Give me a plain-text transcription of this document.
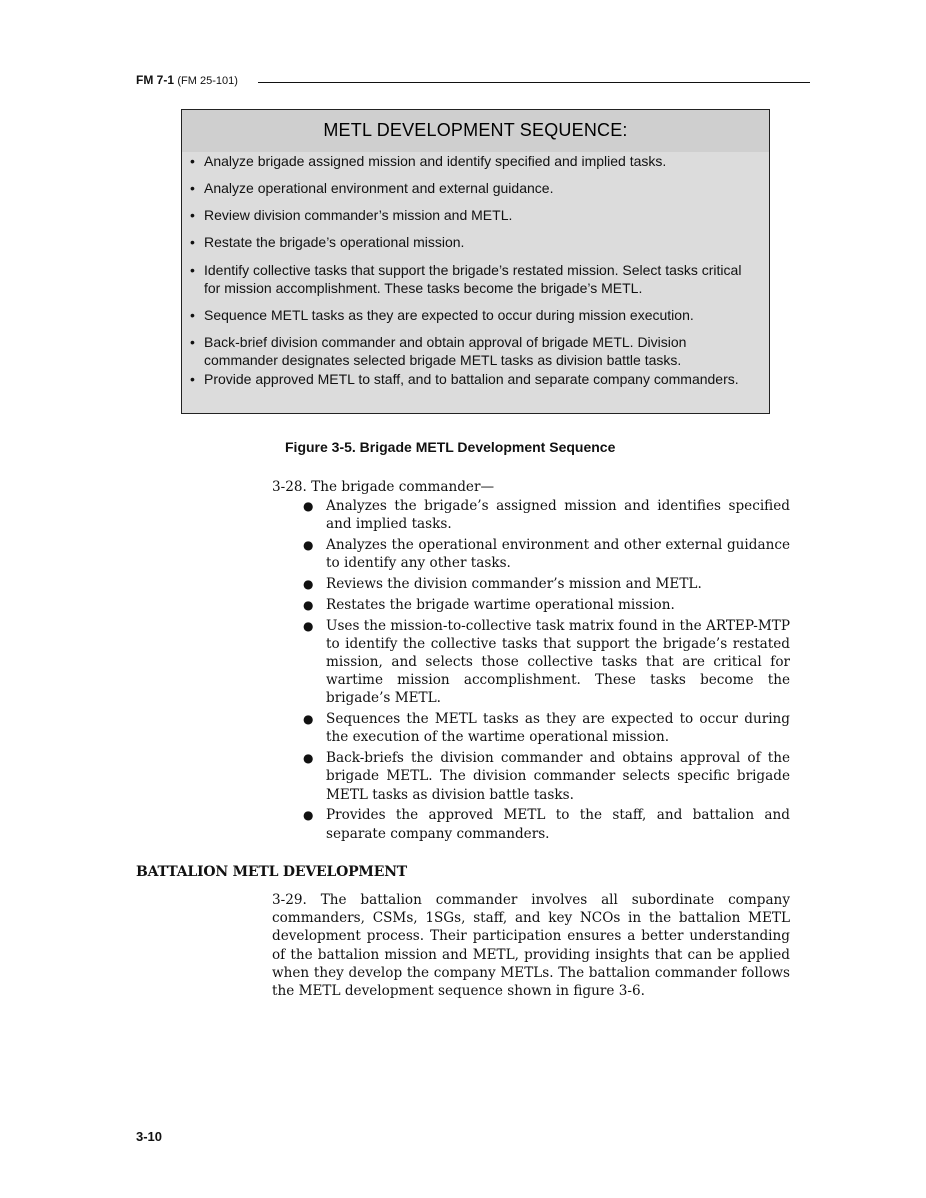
FM 7-1 (FM 25-101)
METL DEVELOPMENT SEQUENCE:
• Analyze brigade assigned mission and identify specified and implied tasks.
• Analyze operational environment and external guidance.
• Review division commander’s mission and METL.
• Restate the brigade’s operational mission.
• Identify collective tasks that support the brigade’s restated mission. Select tasks critical for mission accomplishment. These tasks become the brigade’s METL.
• Sequence METL tasks as they are expected to occur during mission execution.
• Back-brief division commander and obtain approval of brigade METL. Division commander designates selected brigade METL tasks as division battle tasks.
• Provide approved METL to staff, and to battalion and separate company commanders.
Figure 3-5. Brigade METL Development Sequence
3-28. The brigade commander—
● Analyzes the brigade’s assigned mission and identifies specified and implied tasks.
● Analyzes the operational environment and other external guidance to identify any other tasks.
● Reviews the division commander’s mission and METL.
● Restates the brigade wartime operational mission.
● Uses the mission-to-collective task matrix found in the ARTEP-MTP to identify the collective tasks that support the brigade’s restated mission, and selects those collective tasks that are critical for wartime mission accomplishment. These tasks become the brigade’s METL.
● Sequences the METL tasks as they are expected to occur during the execution of the wartime operational mission.
● Back-briefs the division commander and obtains approval of the brigade METL. The division commander selects specific brigade METL tasks as division battle tasks.
● Provides the approved METL to the staff, and battalion and separate company commanders.
BATTALION METL DEVELOPMENT
3-29. The battalion commander involves all subordinate company commanders, CSMs, 1SGs, staff, and key NCOs in the battalion METL development process. Their participation ensures a better understanding of the battalion mission and METL, providing insights that can be applied when they develop the company METLs. The battalion commander follows the METL development sequence shown in figure 3-6.
3-10
